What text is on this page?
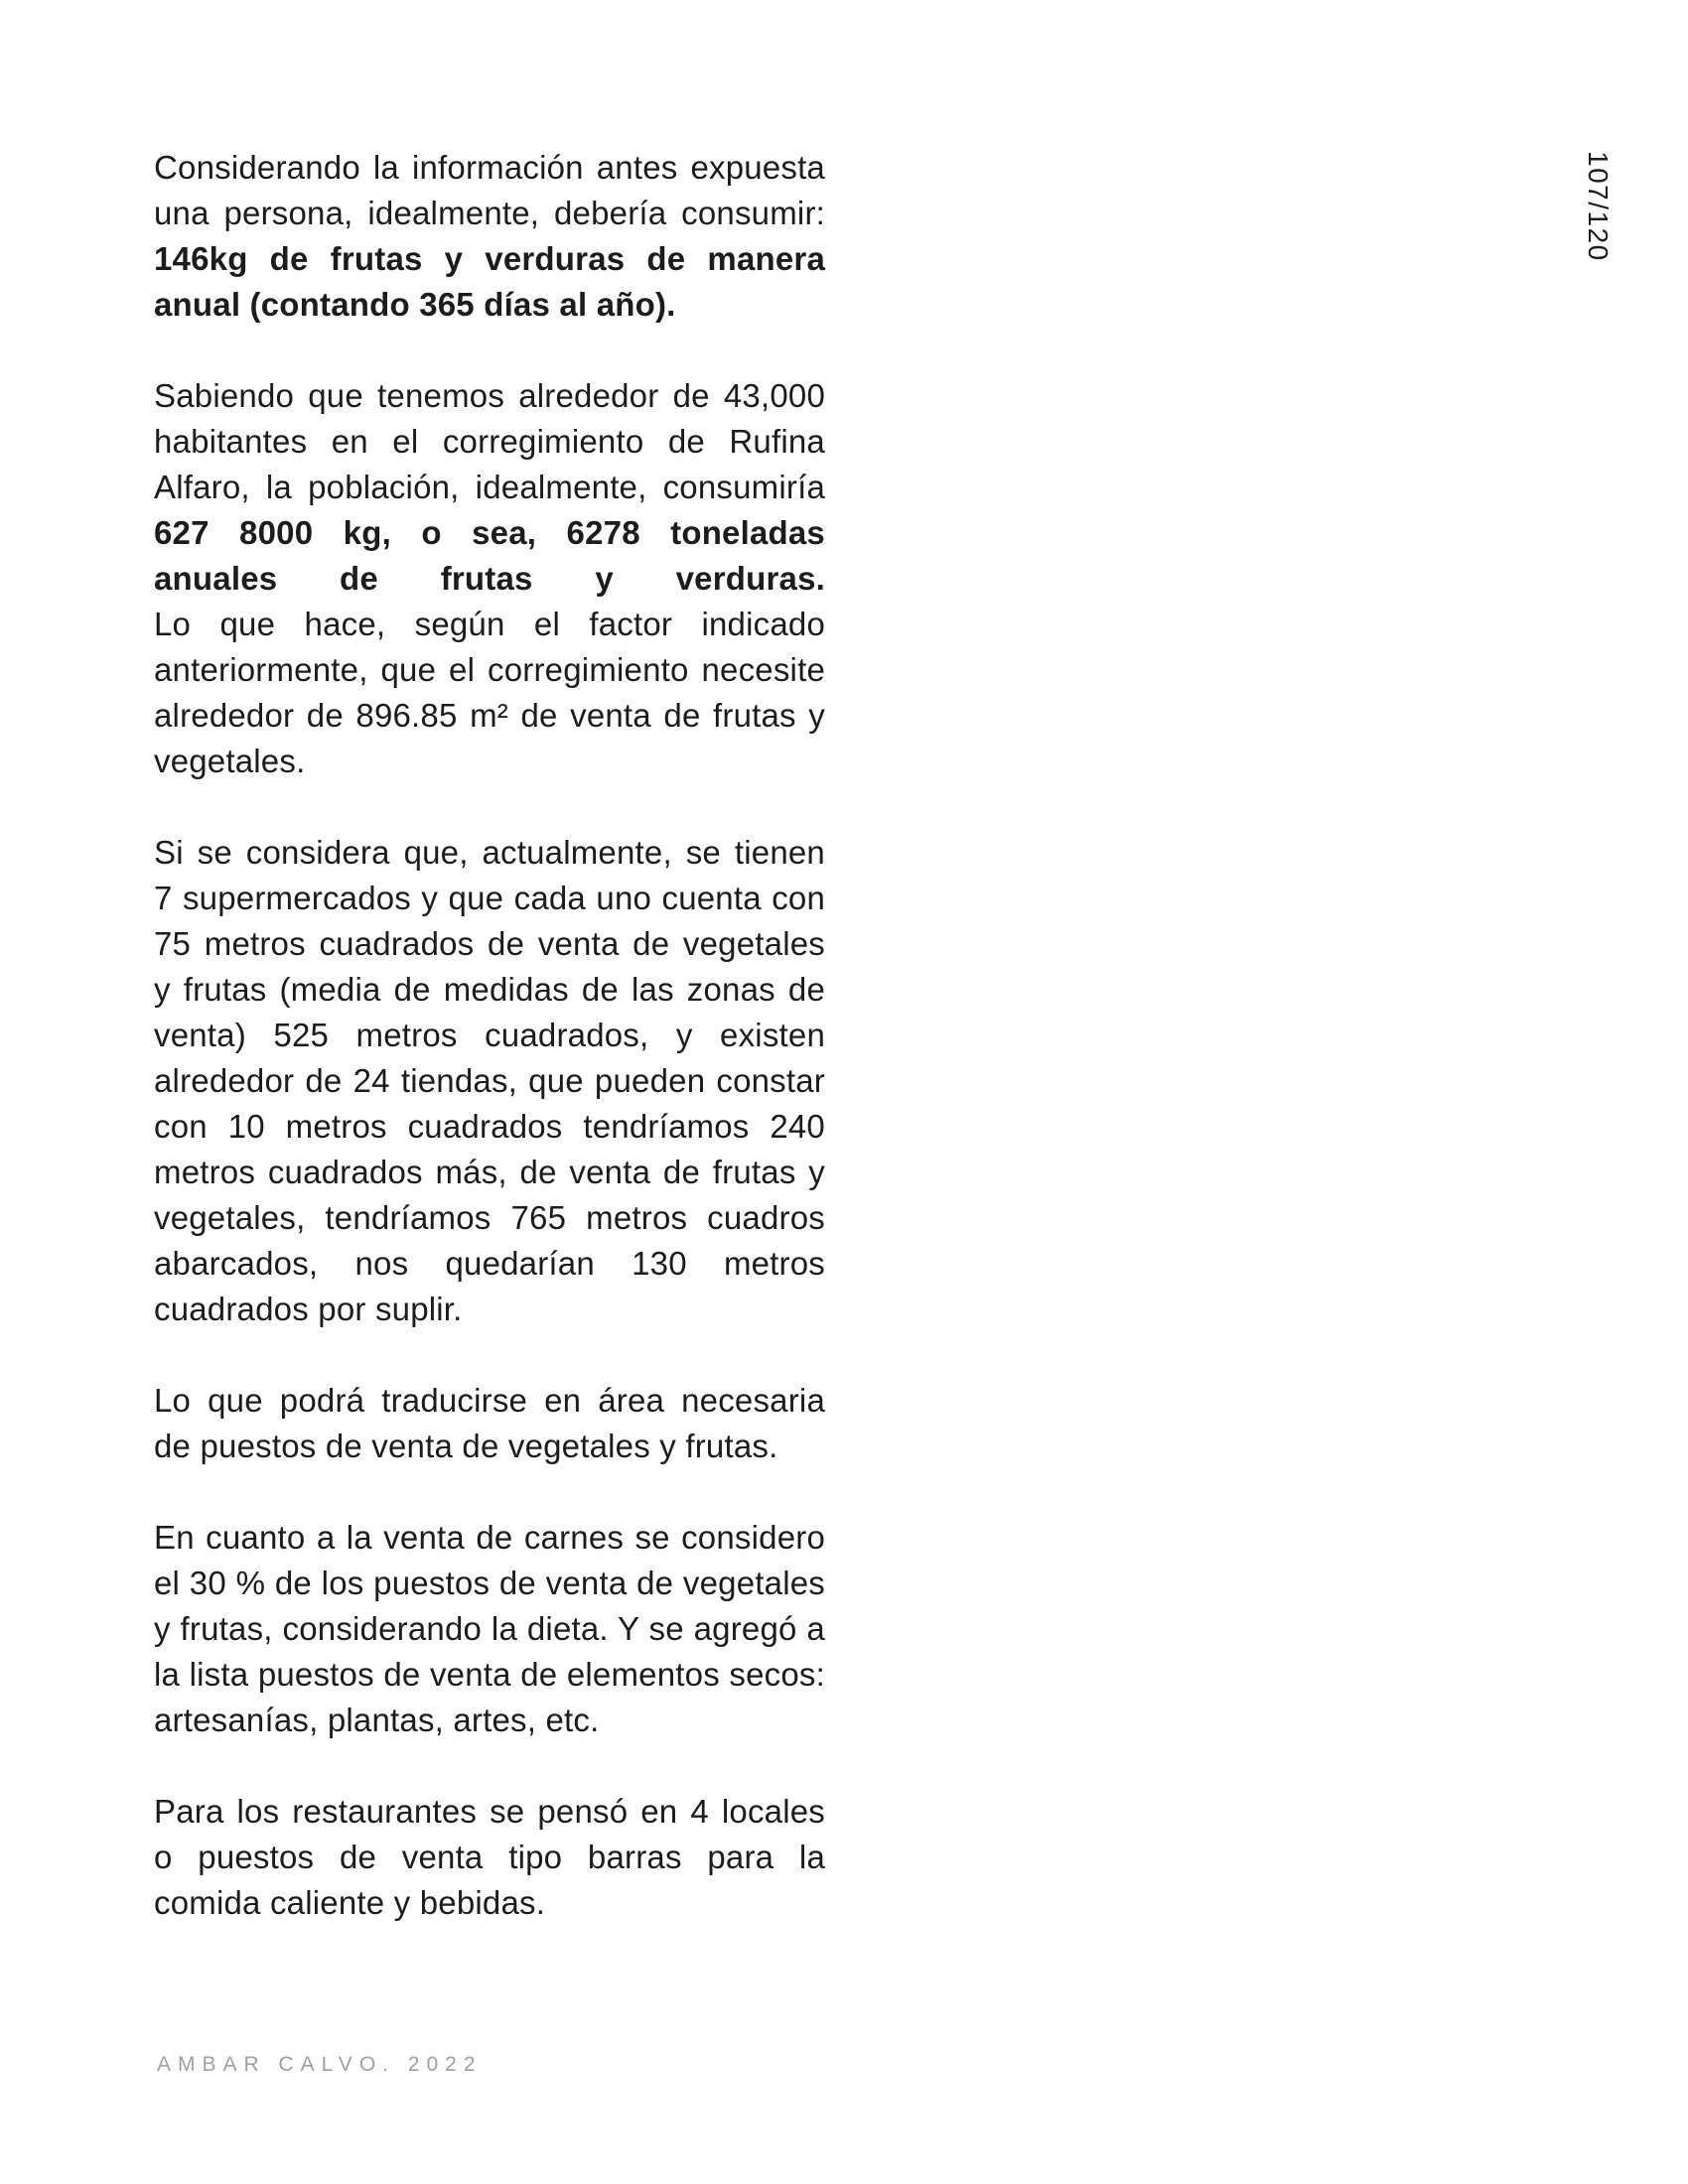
Considerando la información antes expuesta una persona, idealmente, debería consumir: 146kg de frutas y verduras de manera anual (contando 365 días al año).

Sabiendo que tenemos alrededor de 43,000 habitantes en el corregimiento de Rufina Alfaro, la población, idealmente, consumiría 627 8000 kg, o sea, 6278 toneladas anuales de frutas y verduras.

Lo que hace, según el factor indicado anteriormente, que el corregimiento necesite alrededor de 896.85 m² de venta de frutas y vegetales.

Si se considera que, actualmente, se tienen 7 supermercados y que cada uno cuenta con 75 metros cuadrados de venta de vegetales y frutas (media de medidas de las zonas de venta) 525 metros cuadrados, y existen alrededor de 24 tiendas, que pueden constar con 10 metros cuadrados tendríamos 240 metros cuadrados más, de venta de frutas y vegetales, tendríamos 765 metros cuadros abarcados, nos quedarían 130 metros cuadrados por suplir.

Lo que podrá traducirse en área necesaria de puestos de venta de vegetales y frutas.

En cuanto a la venta de carnes se considero el 30 % de los puestos de venta de vegetales y frutas, considerando la dieta. Y se agregó a la lista puestos de venta de elementos secos: artesanías, plantas, artes, etc.

Para los restaurantes se pensó en 4 locales o puestos de venta tipo barras para la comida caliente y bebidas.

107/120
AMBAR CALVO. 2022
